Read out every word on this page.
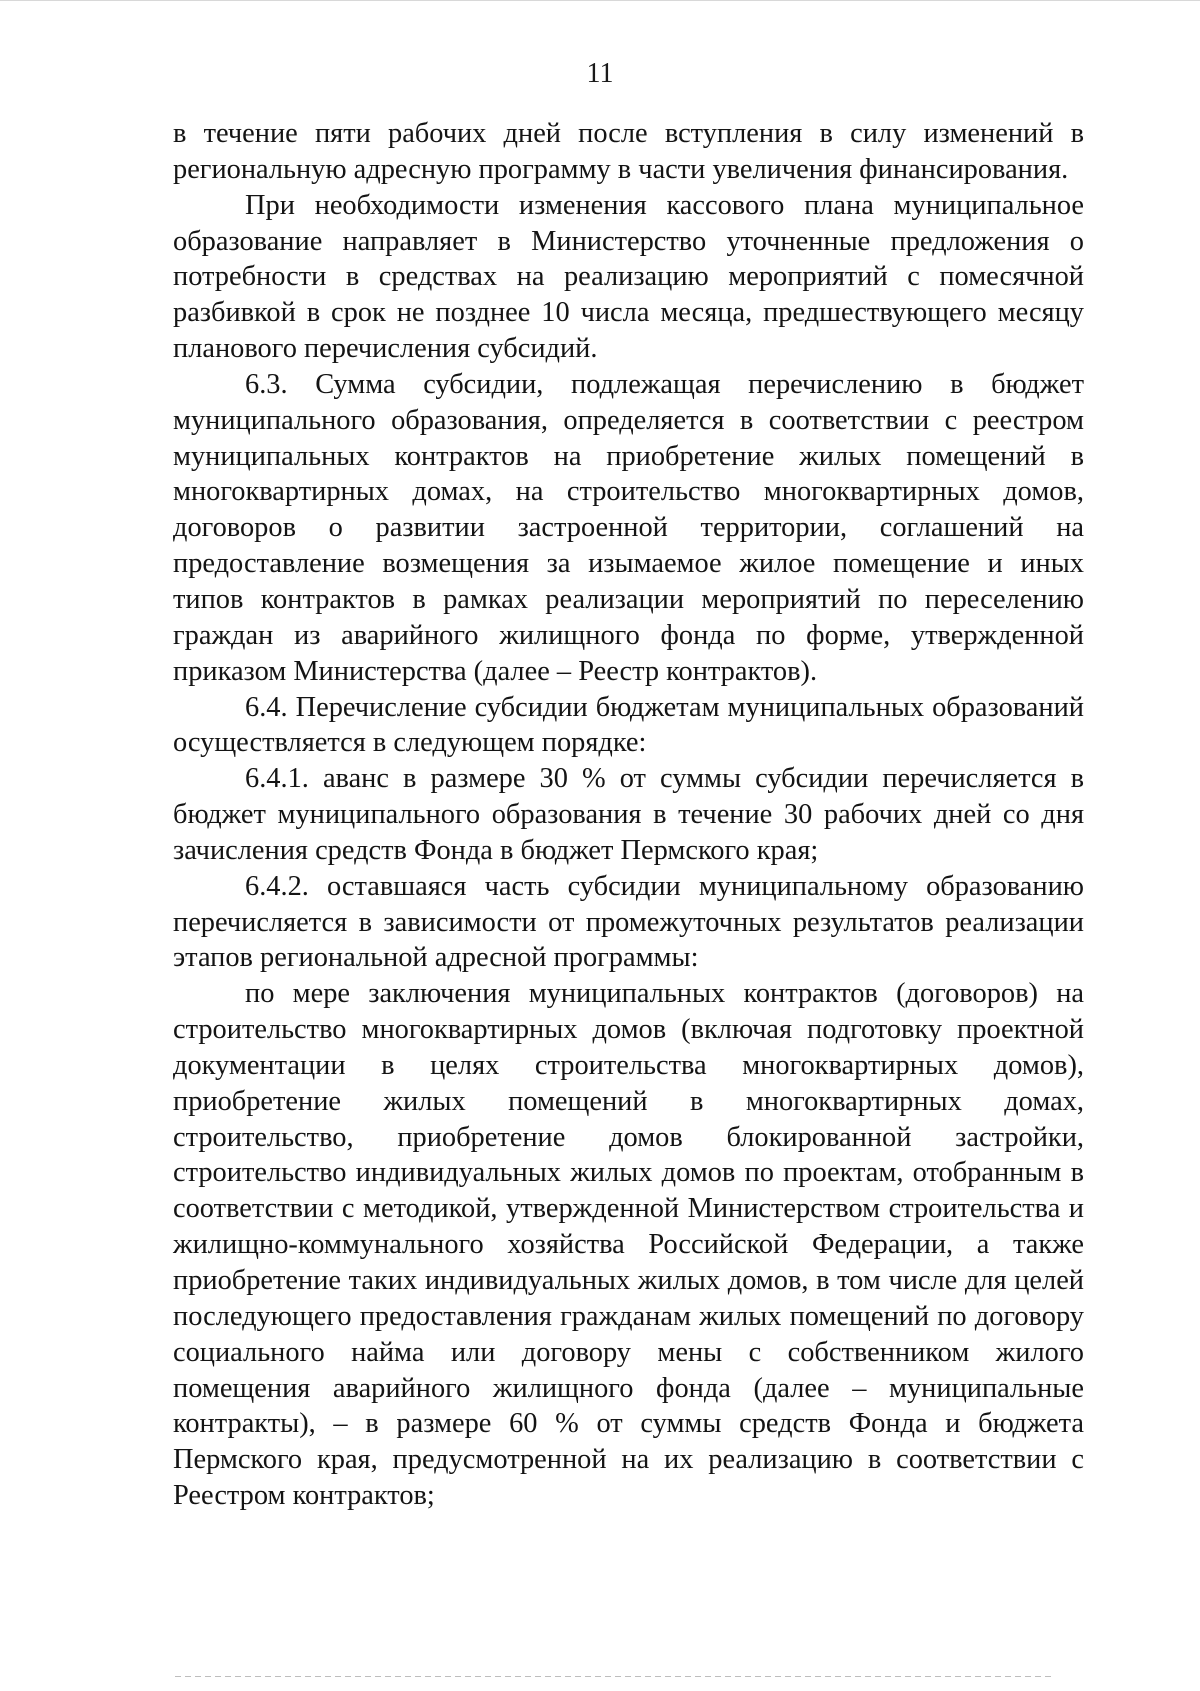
11

в течение пяти рабочих дней после вступления в силу изменений в региональную адресную программу в части увеличения финансирования.

При необходимости изменения кассового плана муниципальное образование направляет в Министерство уточненные предложения о потребности в средствах на реализацию мероприятий с помесячной разбивкой в срок не позднее 10 числа месяца, предшествующего месяцу планового перечисления субсидий.

6.3. Сумма субсидии, подлежащая перечислению в бюджет муниципального образования, определяется в соответствии с реестром муниципальных контрактов на приобретение жилых помещений в многоквартирных домах, на строительство многоквартирных домов, договоров о развитии застроенной территории, соглашений на предоставление возмещения за изымаемое жилое помещение и иных типов контрактов в рамках реализации мероприятий по переселению граждан из аварийного жилищного фонда по форме, утвержденной приказом Министерства (далее – Реестр контрактов).

6.4. Перечисление субсидии бюджетам муниципальных образований осуществляется в следующем порядке:

6.4.1. аванс в размере 30 % от суммы субсидии перечисляется в бюджет муниципального образования в течение 30 рабочих дней со дня зачисления средств Фонда в бюджет Пермского края;

6.4.2. оставшаяся часть субсидии муниципальному образованию перечисляется в зависимости от промежуточных результатов реализации этапов региональной адресной программы:

по мере заключения муниципальных контрактов (договоров) на строительство многоквартирных домов (включая подготовку проектной документации в целях строительства многоквартирных домов), приобретение жилых помещений в многоквартирных домах, строительство, приобретение домов блокированной застройки, строительство индивидуальных жилых домов по проектам, отобранным в соответствии с методикой, утвержденной Министерством строительства и жилищно-коммунального хозяйства Российской Федерации, а также приобретение таких индивидуальных жилых домов, в том числе для целей последующего предоставления гражданам жилых помещений по договору социального найма или договору мены с собственником жилого помещения аварийного жилищного фонда (далее – муниципальные контракты), – в размере 60 % от суммы средств Фонда и бюджета Пермского края, предусмотренной на их реализацию в соответствии с Реестром контрактов;
